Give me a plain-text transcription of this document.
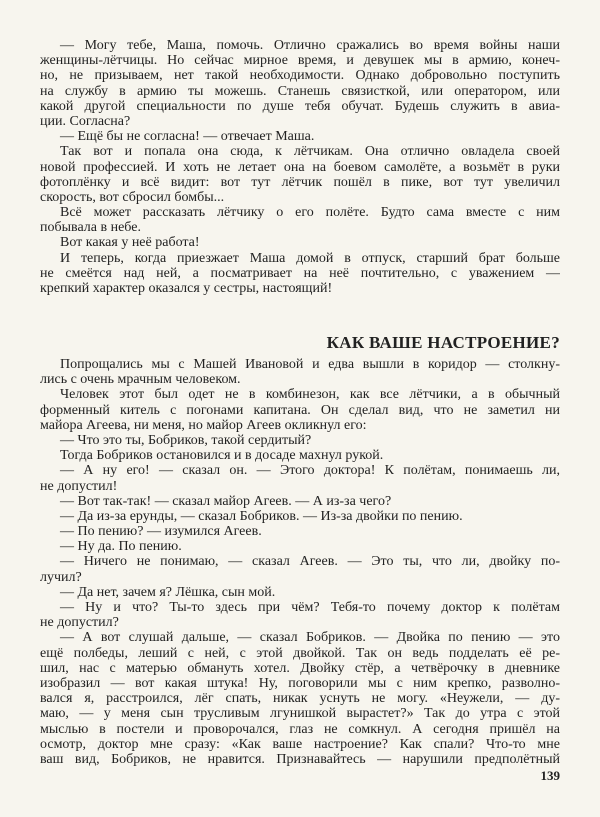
— Могу тебе, Маша, помочь. Отлично сражались во время войны наши
женщины-лётчицы. Но сейчас мирное время, и девушек мы в армию, конеч-
но, не призываем, нет такой необходимости. Однако добровольно поступить
на службу в армию ты можешь. Станешь связисткой, или оператором, или
какой другой специальности по душе тебя обучат. Будешь служить в авиа-
ции. Согласна?
— Ещё бы не согласна! — отвечает Маша.
Так вот и попала она сюда, к лётчикам. Она отлично овладела своей
новой профессией. И хоть не летает она на боевом самолёте, а возьмёт в руки
фотоплёнку и всё видит: вот тут лётчик пошёл в пике, вот тут увеличил
скорость, вот сбросил бомбы...
Всё может рассказать лётчику о его полёте. Будто сама вместе с ним
побывала в небе.
Вот какая у неё работа!
И теперь, когда приезжает Маша домой в отпуск, старший брат больше
не смеётся над ней, а посматривает на неё почтительно, с уважением —
крепкий характер оказался у сестры, настоящий!
КАК ВАШЕ НАСТРОЕНИЕ?
Попрощались мы с Машей Ивановой и едва вышли в коридор — столкну-
лись с очень мрачным человеком.
Человек этот был одет не в комбинезон, как все лётчики, а в обычный
форменный китель с погонами капитана. Он сделал вид, что не заметил ни
майора Агеева, ни меня, но майор Агеев окликнул его:
— Что это ты, Бобриков, такой сердитый?
Тогда Бобриков остановился и в досаде махнул рукой.
— А ну его! — сказал он. — Этого доктора! К полётам, понимаешь ли,
не допустил!
— Вот так-так! — сказал майор Агеев. — А из-за чего?
— Да из-за ерунды, — сказал Бобриков. — Из-за двойки по пению.
— По пению? — изумился Агеев.
— Ну да. По пению.
— Ничего не понимаю, — сказал Агеев. — Это ты, что ли, двойку по-
лучил?
— Да нет, зачем я? Лёшка, сын мой.
— Ну и что? Ты-то здесь при чём? Тебя-то почему доктор к полётам
не допустил?
— А вот слушай дальше, — сказал Бобриков. — Двойка по пению — это
ещё полбеды, леший с ней, с этой двойкой. Так он ведь подделать её ре-
шил, нас с матерью обмануть хотел. Двойку стёр, а четвёрочку в дневнике
изобразил — вот какая штука! Ну, поговорили мы с ним крепко, разволно-
вался я, расстроился, лёг спать, никак уснуть не могу. «Неужели, — ду-
маю, — у меня сын трусливым лгунишкой вырастет?» Так до утра с этой
мыслью в постели и проворочался, глаз не сомкнул. А сегодня пришёл на
осмотр, доктор мне сразу: «Как ваше настроение? Как спали? Что-то мне
ваш вид, Бобриков, не нравится. Признавайтесь — нарушили предполётный
139
